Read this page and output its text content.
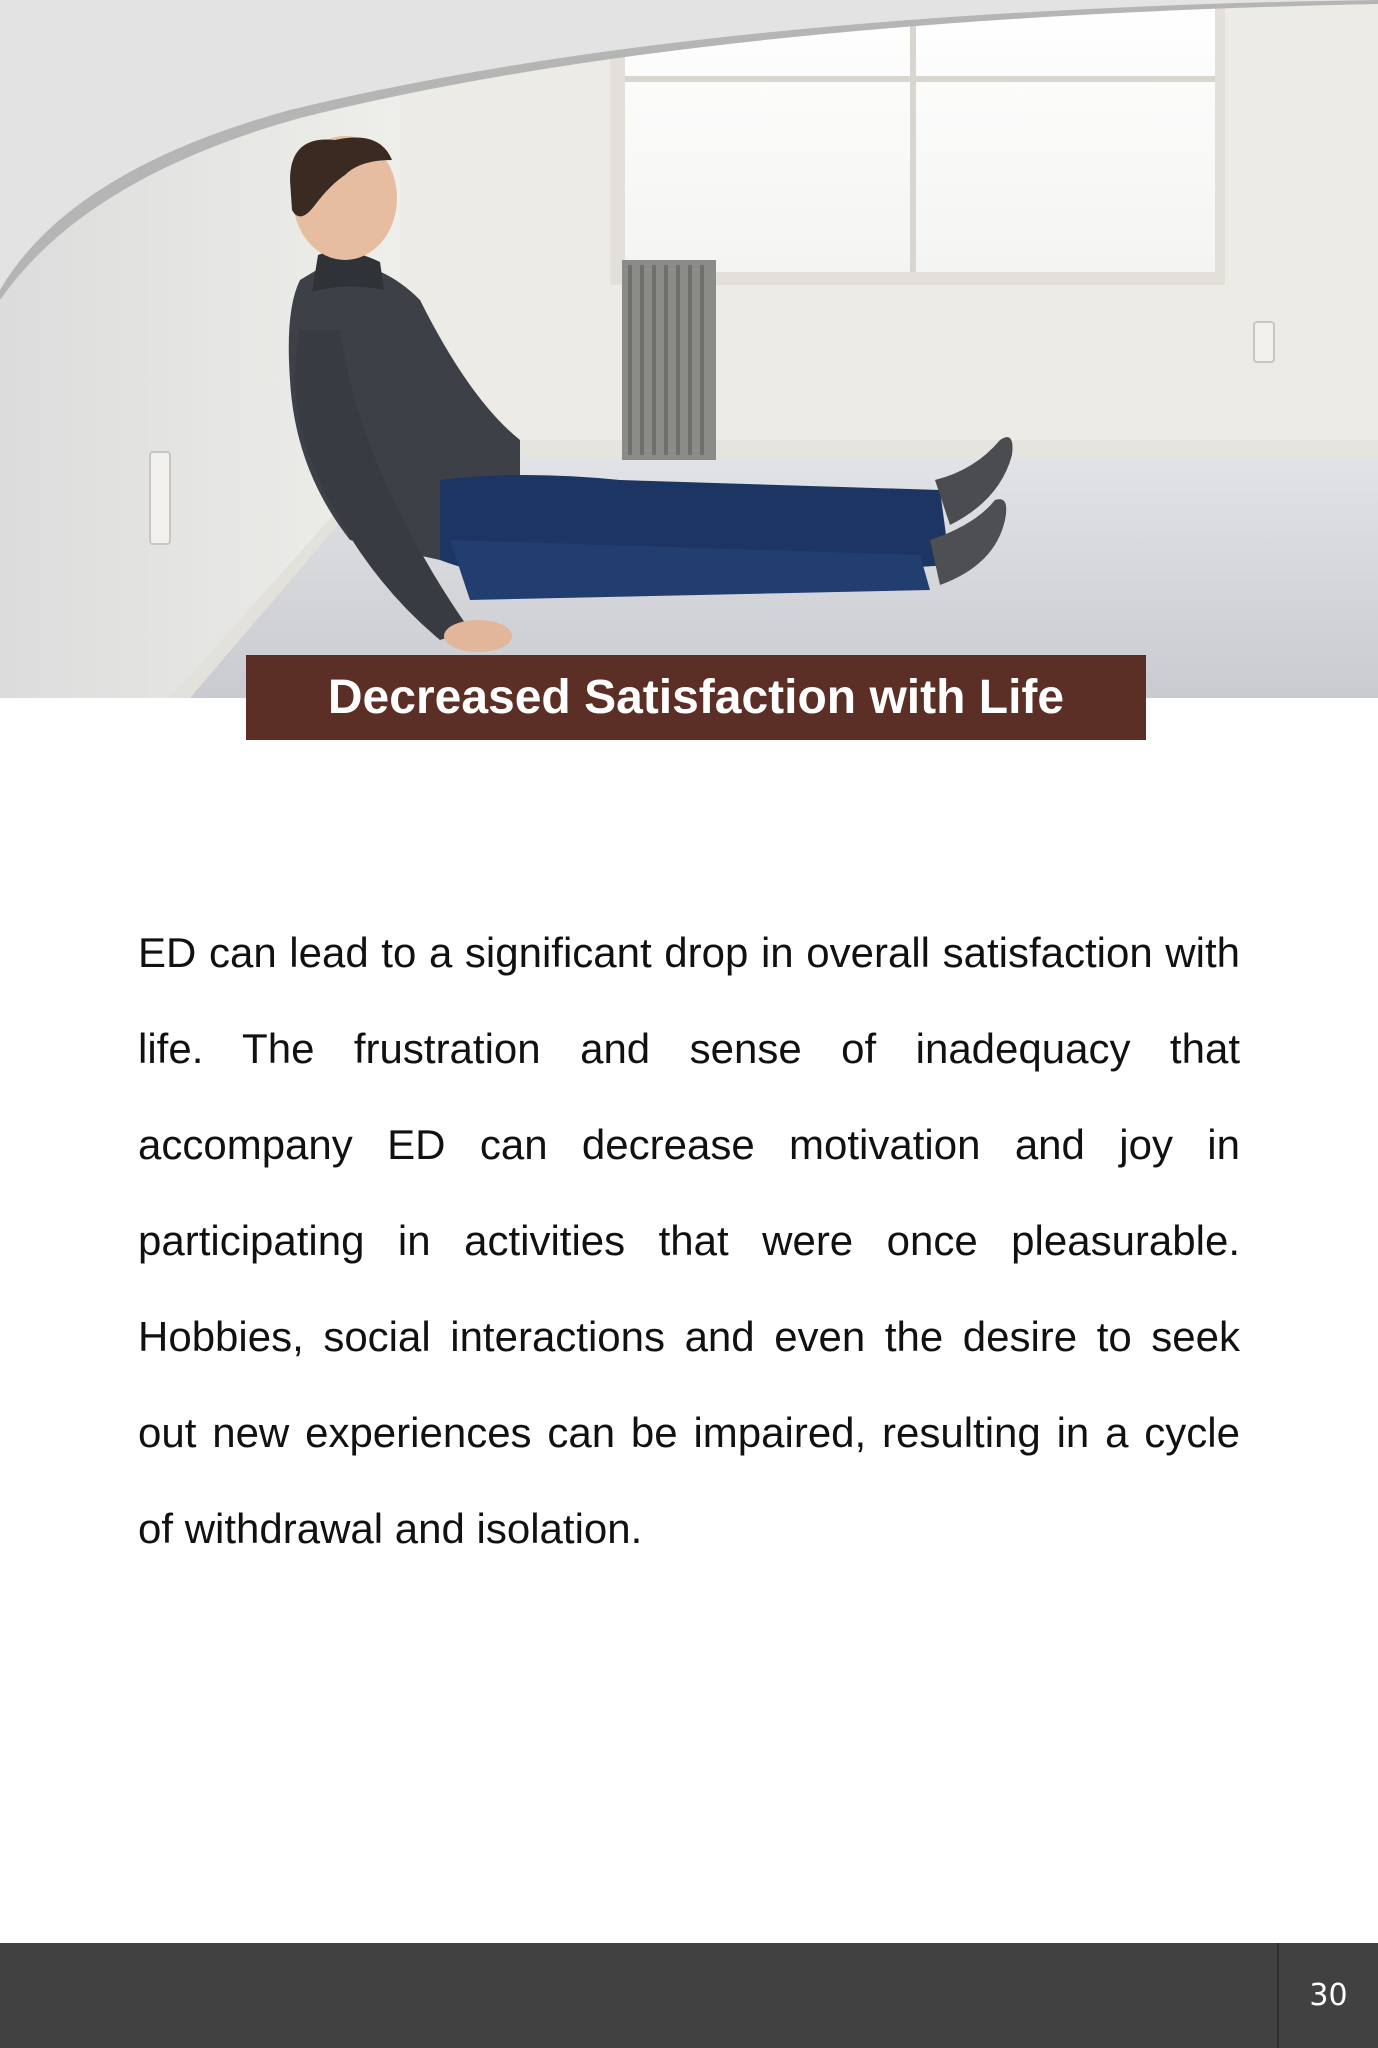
Decreased Satisfaction with Life

ED can lead to a significant drop in overall satisfaction with life. The frustration and sense of inadequacy that accompany ED can decrease motivation and joy in participating in activities that were once pleasurable. Hobbies, social interactions and even the desire to seek out new experiences can be impaired, resulting in a cycle of withdrawal and isolation.

30
